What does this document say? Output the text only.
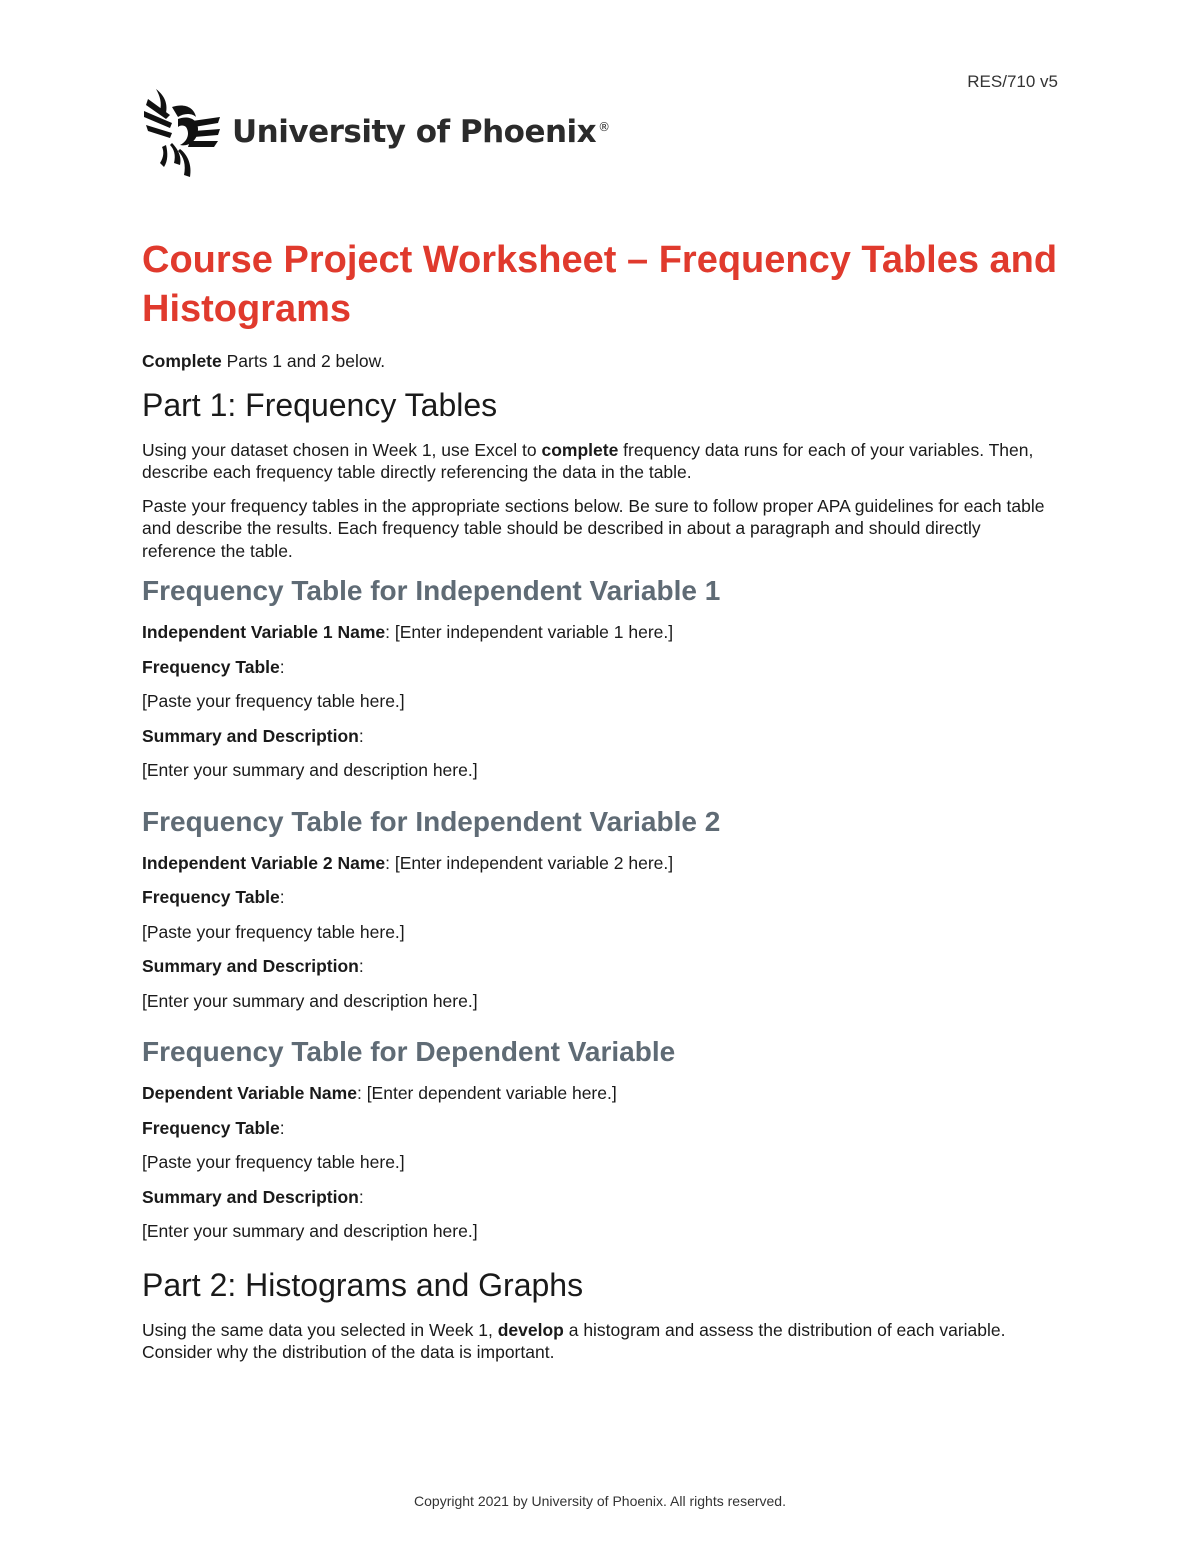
RES/710 v5
University of Phoenix ®
Course Project Worksheet – Frequency Tables and Histograms

Complete Parts 1 and 2 below.

Part 1: Frequency Tables

Using your dataset chosen in Week 1, use Excel to complete frequency data runs for each of your variables. Then, describe each frequency table directly referencing the data in the table.

Paste your frequency tables in the appropriate sections below. Be sure to follow proper APA guidelines for each table and describe the results. Each frequency table should be described in about a paragraph and should directly reference the table.

Frequency Table for Independent Variable 1

Independent Variable 1 Name: [Enter independent variable 1 here.]

Frequency Table:

[Paste your frequency table here.]

Summary and Description:

[Enter your summary and description here.]

Frequency Table for Independent Variable 2

Independent Variable 2 Name: [Enter independent variable 2 here.]

Frequency Table:

[Paste your frequency table here.]

Summary and Description:

[Enter your summary and description here.]

Frequency Table for Dependent Variable

Dependent Variable Name: [Enter dependent variable here.]

Frequency Table:

[Paste your frequency table here.]

Summary and Description:

[Enter your summary and description here.]

Part 2: Histograms and Graphs

Using the same data you selected in Week 1, develop a histogram and assess the distribution of each variable. Consider why the distribution of the data is important.

Copyright 2021 by University of Phoenix. All rights reserved.
